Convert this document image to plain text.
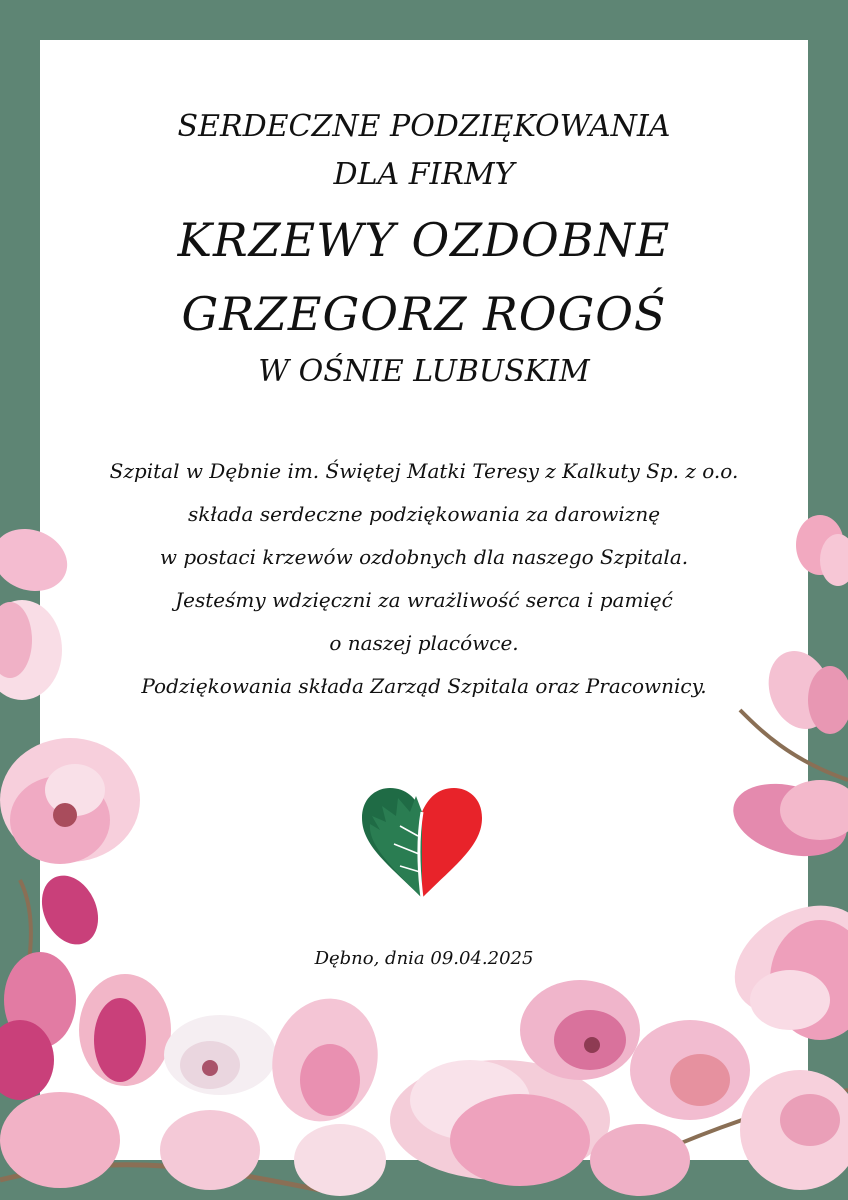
SERDECZNE PODZIĘKOWANIA
DLA FIRMY
KRZEWY OZDOBNE
GRZEGORZ ROGOŚ
W OŚNIE LUBUSKIM
Szpital w Dębnie im. Świętej Matki Teresy z Kalkuty Sp. z o.o.
składa serdeczne podziękowania za darowiznę
w postaci krzewów ozdobnych dla naszego Szpitala.
Jesteśmy wdzięczni za wrażliwość serca i pamięć
o naszej placówce.
Podziękowania składa Zarząd Szpitala oraz Pracownicy.
Dębno, dnia 09.04.2025
